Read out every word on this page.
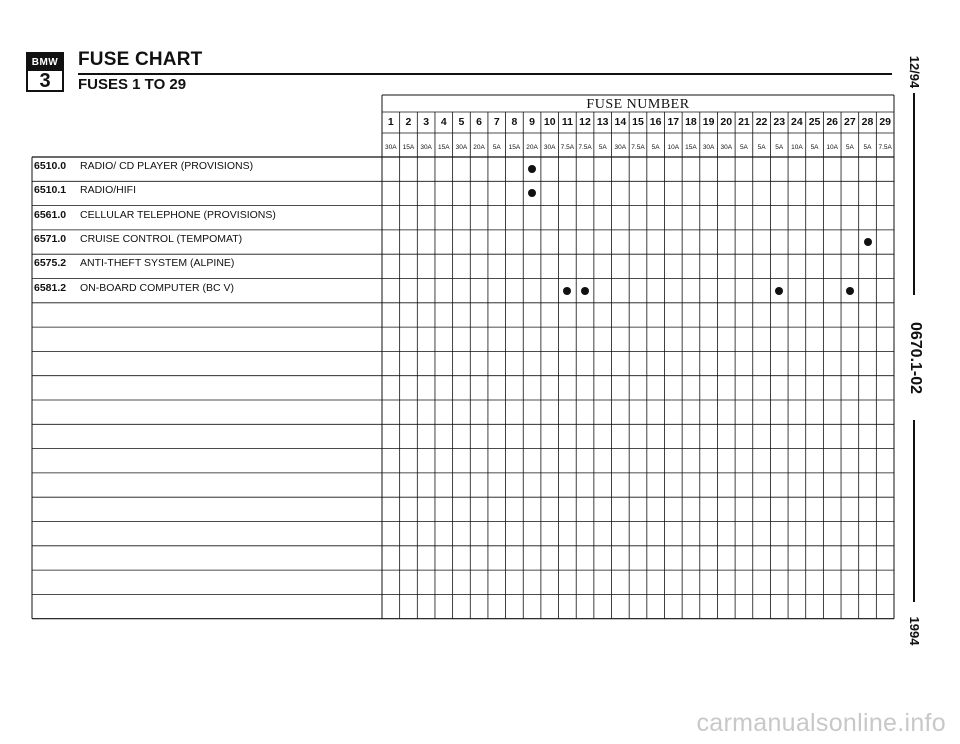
BMW
3
FUSE CHART
FUSES 1 TO 29
FUSE NUMBER
1
30A
2
15A
3
30A
4
15A
5
30A
6
20A
7
5A
8
15A
9
20A
10
30A
11
7.5A
12
7.5A
13
5A
14
30A
15
7.5A
16
5A
17
10A
18
15A
19
30A
20
30A
21
5A
22
5A
23
5A
24
10A
25
5A
26
10A
27
5A
28
5A
29
7.5A
6510.0 RADIO/ CD PLAYER (PROVISIONS)
6510.1 RADIO/HIFI
6561.0 CELLULAR TELEPHONE (PROVISIONS)
6571.0 CRUISE CONTROL (TEMPOMAT)
6575.2 ANTI-THEFT SYSTEM (ALPINE)
6581.2 ON-BOARD COMPUTER (BC V)
12/94
0670.1-02
1994
carmanualsonline.info
